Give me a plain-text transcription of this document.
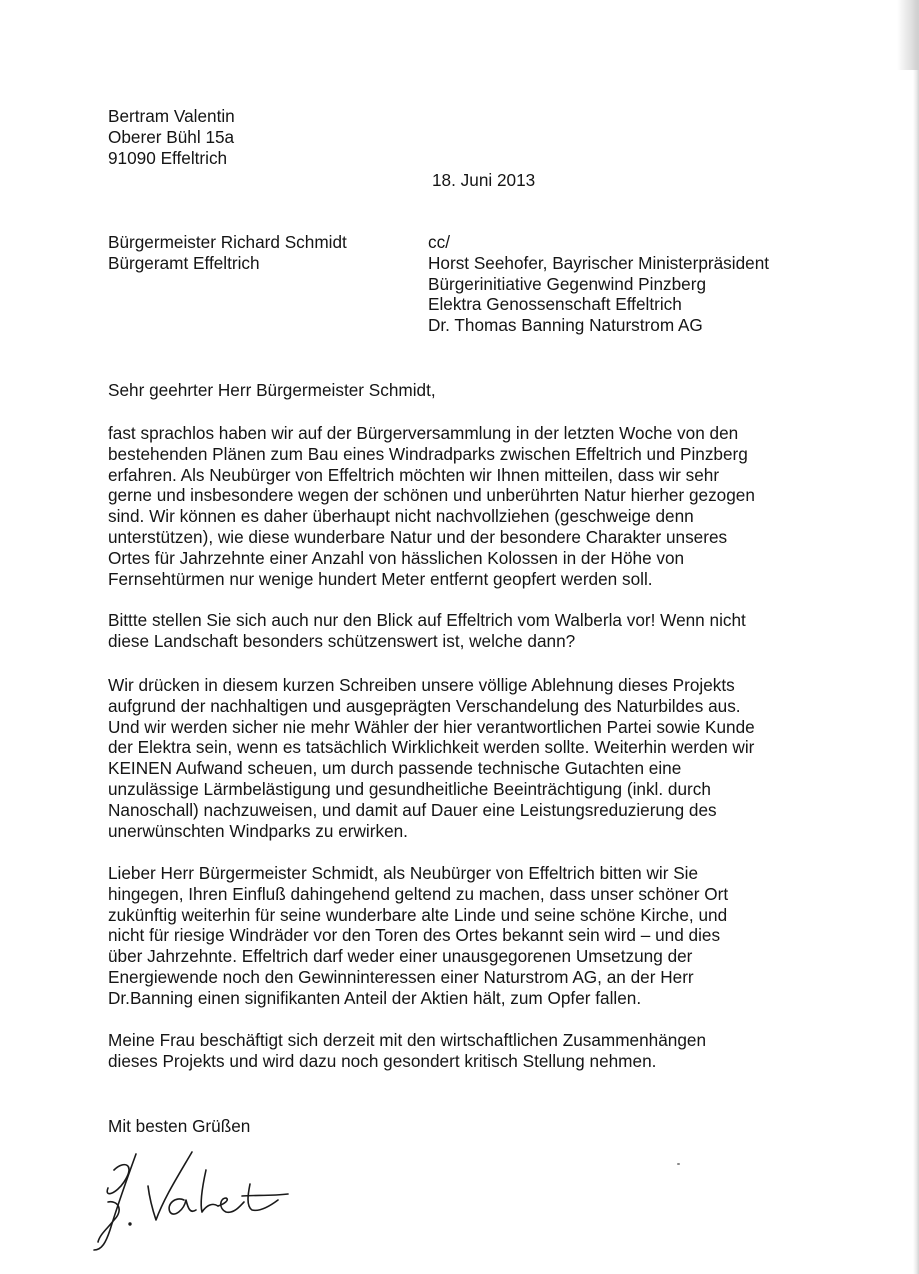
Bertram Valentin
Oberer Bühl 15a
91090 Effeltrich
18. Juni 2013
Bürgermeister Richard Schmidt
Bürgeramt Effeltrich
cc/
Horst Seehofer, Bayrischer Ministerpräsident
Bürgerinitiative Gegenwind Pinzberg
Elektra Genossenschaft Effeltrich
Dr. Thomas Banning Naturstrom AG
Sehr geehrter Herr Bürgermeister Schmidt,
fast sprachlos haben wir auf der Bürgerversammlung in der letzten Woche von den
bestehenden Plänen zum Bau eines Windradparks zwischen Effeltrich und Pinzberg
erfahren. Als Neubürger von Effeltrich möchten wir Ihnen mitteilen, dass wir sehr
gerne und insbesondere wegen der schönen und unberührten Natur hierher gezogen
sind. Wir können es daher überhaupt nicht nachvollziehen (geschweige denn
unterstützen), wie diese wunderbare Natur und der besondere Charakter unseres
Ortes für Jahrzehnte einer Anzahl von hässlichen Kolossen in der Höhe von
Fernsehtürmen nur wenige hundert Meter entfernt geopfert werden soll.
Bittte stellen Sie sich auch nur den Blick auf Effeltrich vom Walberla vor! Wenn nicht
diese Landschaft besonders schützenswert ist, welche dann?
Wir drücken in diesem kurzen Schreiben unsere völlige Ablehnung dieses Projekts
aufgrund der nachhaltigen und ausgeprägten Verschandelung des Naturbildes aus.
Und wir werden sicher nie mehr Wähler der hier verantwortlichen Partei sowie Kunde
der Elektra sein, wenn es tatsächlich Wirklichkeit werden sollte. Weiterhin werden wir
KEINEN Aufwand scheuen, um durch passende technische Gutachten eine
unzulässige Lärmbelästigung und gesundheitliche Beeinträchtigung (inkl. durch
Nanoschall) nachzuweisen, und damit auf Dauer eine Leistungsreduzierung des
unerwünschten Windparks zu erwirken.
Lieber Herr Bürgermeister Schmidt, als Neubürger von Effeltrich bitten wir Sie
hingegen, Ihren Einfluß dahingehend geltend zu machen, dass unser schöner Ort
zukünftig weiterhin für seine wunderbare alte Linde und seine schöne Kirche, und
nicht für riesige Windräder vor den Toren des Ortes bekannt sein wird – und dies
über Jahrzehnte. Effeltrich darf weder einer unausgegorenen Umsetzung der
Energiewende noch den Gewinninteressen einer Naturstrom AG, an der Herr
Dr.Banning einen signifikanten Anteil der Aktien hält, zum Opfer fallen.
Meine Frau beschäftigt sich derzeit mit den wirtschaftlichen Zusammenhängen
dieses Projekts und wird dazu noch gesondert kritisch Stellung nehmen.
Mit besten Grüßen
